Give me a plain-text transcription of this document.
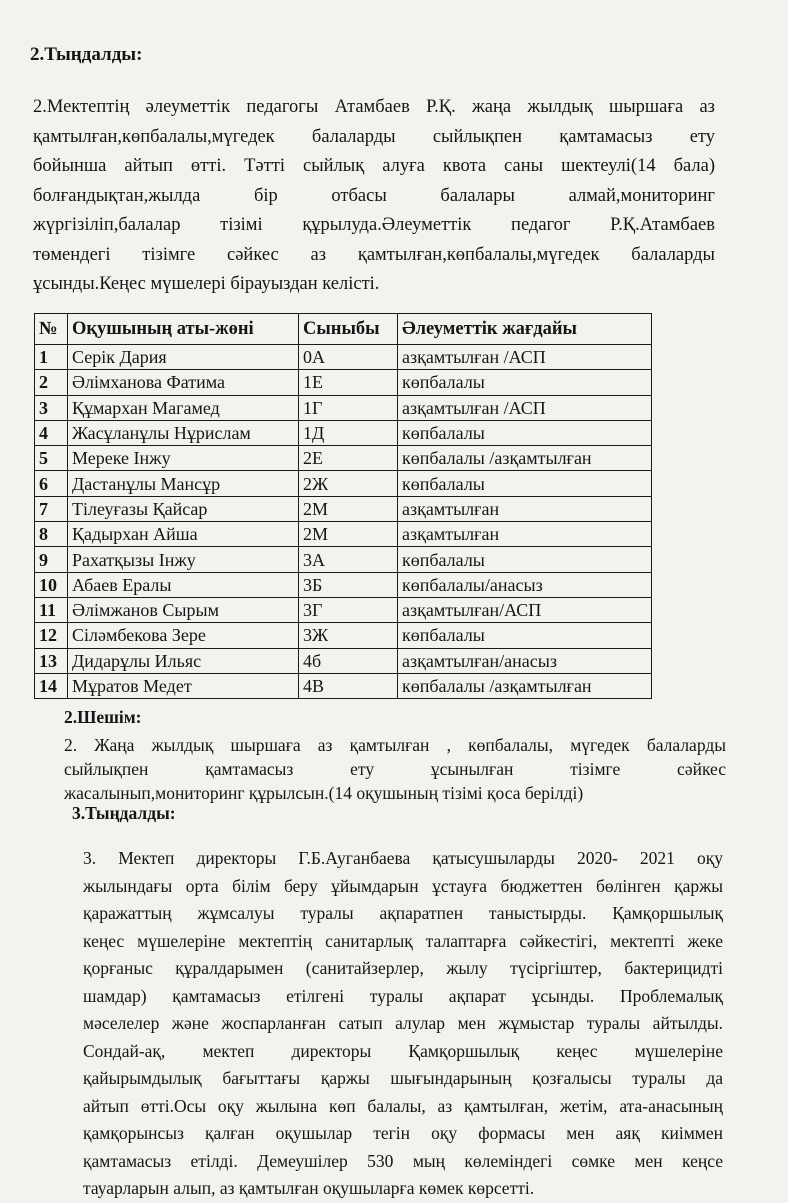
2.Тыңдалды:
2.Мектептің әлеуметтік педагогы Атамбаев Р.Қ. жаңа жылдық шыршаға аз
қамтылған,көпбалалы,мүгедек балаларды сыйлықпен қамтамасыз ету
бойынша айтып өтті. Тәтті сыйлық алуға квота саны шектеулі(14 бала)
болғандықтан,жылда бір отбасы балалары алмай,мониторинг
жүргізіліп,балалар тізімі құрылуда.Әлеуметтік педагог Р.Қ.Атамбаев
төмендегі тізімге сәйкес аз қамтылған,көпбалалы,мүгедек балаларды
ұсынды.Кеңес мүшелері бірауыздан келісті.
№	Оқушының аты-жөні	Сыныбы	Әлеуметтік жағдайы
1	Серік Дария	0А	азқамтылған /АСП
2	Әлімханова Фатима	1Е	көпбалалы
3	Құмархан Магамед	1Г	азқамтылған /АСП
4	Жасұланұлы Нұрислам	1Д	көпбалалы
5	Мереке Інжу	2Е	көпбалалы /азқамтылған
6	Дастанұлы Мансұр	2Ж	көпбалалы
7	Тілеуғазы Қайсар	2М	азқамтылған
8	Қадырхан Айша	2М	азқамтылған
9	Рахатқызы Інжу	3А	көпбалалы
10	Абаев Ералы	3Б	көпбалалы/анасыз
11	Әлімжанов Сырым	3Г	азқамтылған/АСП
12	Сіләмбекова Зере	3Ж	көпбалалы
13	Дидарұлы Ильяс	4б	азқамтылған/анасыз
14	Мұратов Медет	4В	көпбалалы /азқамтылған
2.Шешім:
2. Жаңа жылдық шыршаға аз қамтылған , көпбалалы, мүгедек балаларды
сыйлықпен қамтамасыз ету ұсынылған тізімге сәйкес
жасалынып,мониторинг құрылсын.(14 оқушының тізімі қоса берілді)
3.Тыңдалды:
3. Мектеп директоры Г.Б.Ауганбаева қатысушыларды 2020- 2021 оқу
жылындағы орта білім беру ұйымдарын ұстауға бюджеттен бөлінген қаржы
қаражаттың жұмсалуы туралы ақпаратпен таныстырды. Қамқоршылық
кеңес мүшелеріне мектептің санитарлық талаптарға сәйкестігі, мектепті жеке
қорғаныс құралдарымен (санитайзерлер, жылу түсіргіштер, бактерицидті
шамдар) қамтамасыз етілгені туралы ақпарат ұсынды. Проблемалық
мәселелер және жоспарланған сатып алулар мен жұмыстар туралы айтылды.
Сондай-ақ, мектеп директоры Қамқоршылық кеңес мүшелеріне
қайырымдылық бағыттағы қаржы шығындарының қозғалысы туралы да
айтып өтті.Осы оқу жылына көп балалы, аз қамтылған, жетім, ата-анасының
қамқорынсыз қалған оқушылар тегін оқу формасы мен аяқ киіммен
қамтамасыз етілді. Демеушілер 530 мың көлеміндегі сөмке мен кеңсе
тауарларын алып, аз қамтылған оқушыларға көмек көрсетті.
